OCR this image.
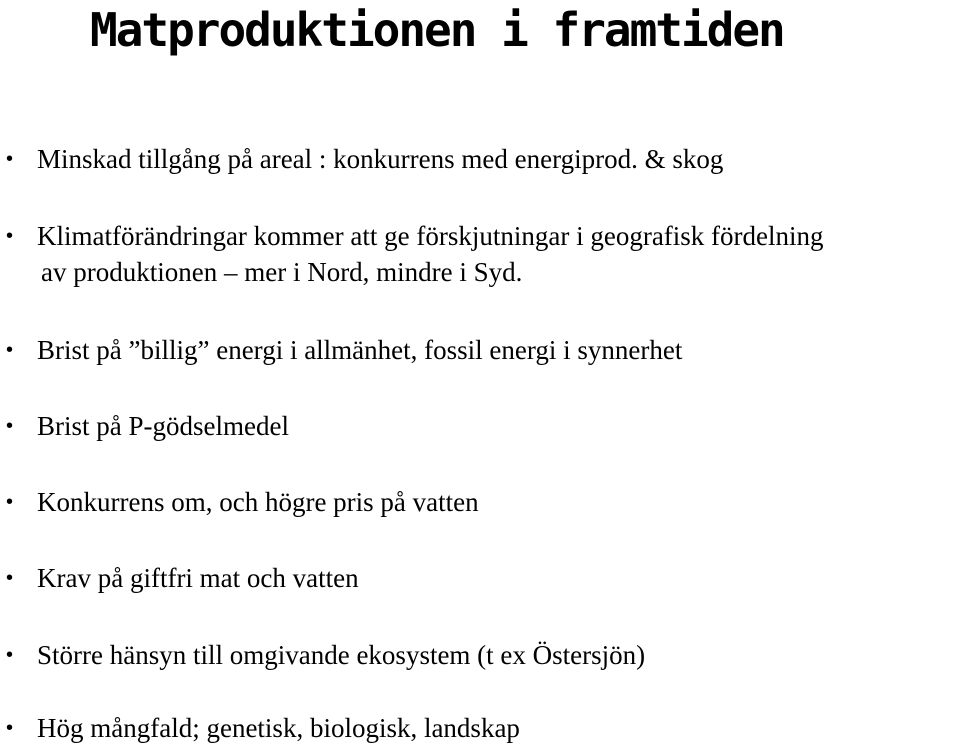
Matproduktionen i framtiden
• Minskad tillgång på areal : konkurrens med energiprod. & skog
• Klimatförändringar kommer att ge förskjutningar i geografisk fördelning
av produktionen – mer i Nord, mindre i Syd.
• Brist på ”billig” energi i allmänhet, fossil energi i synnerhet
• Brist på P-gödselmedel
• Konkurrens om, och högre pris på vatten
• Krav på giftfri mat och vatten
• Större hänsyn till omgivande ekosystem (t ex Östersjön)
• Hög mångfald; genetisk, biologisk, landskap
